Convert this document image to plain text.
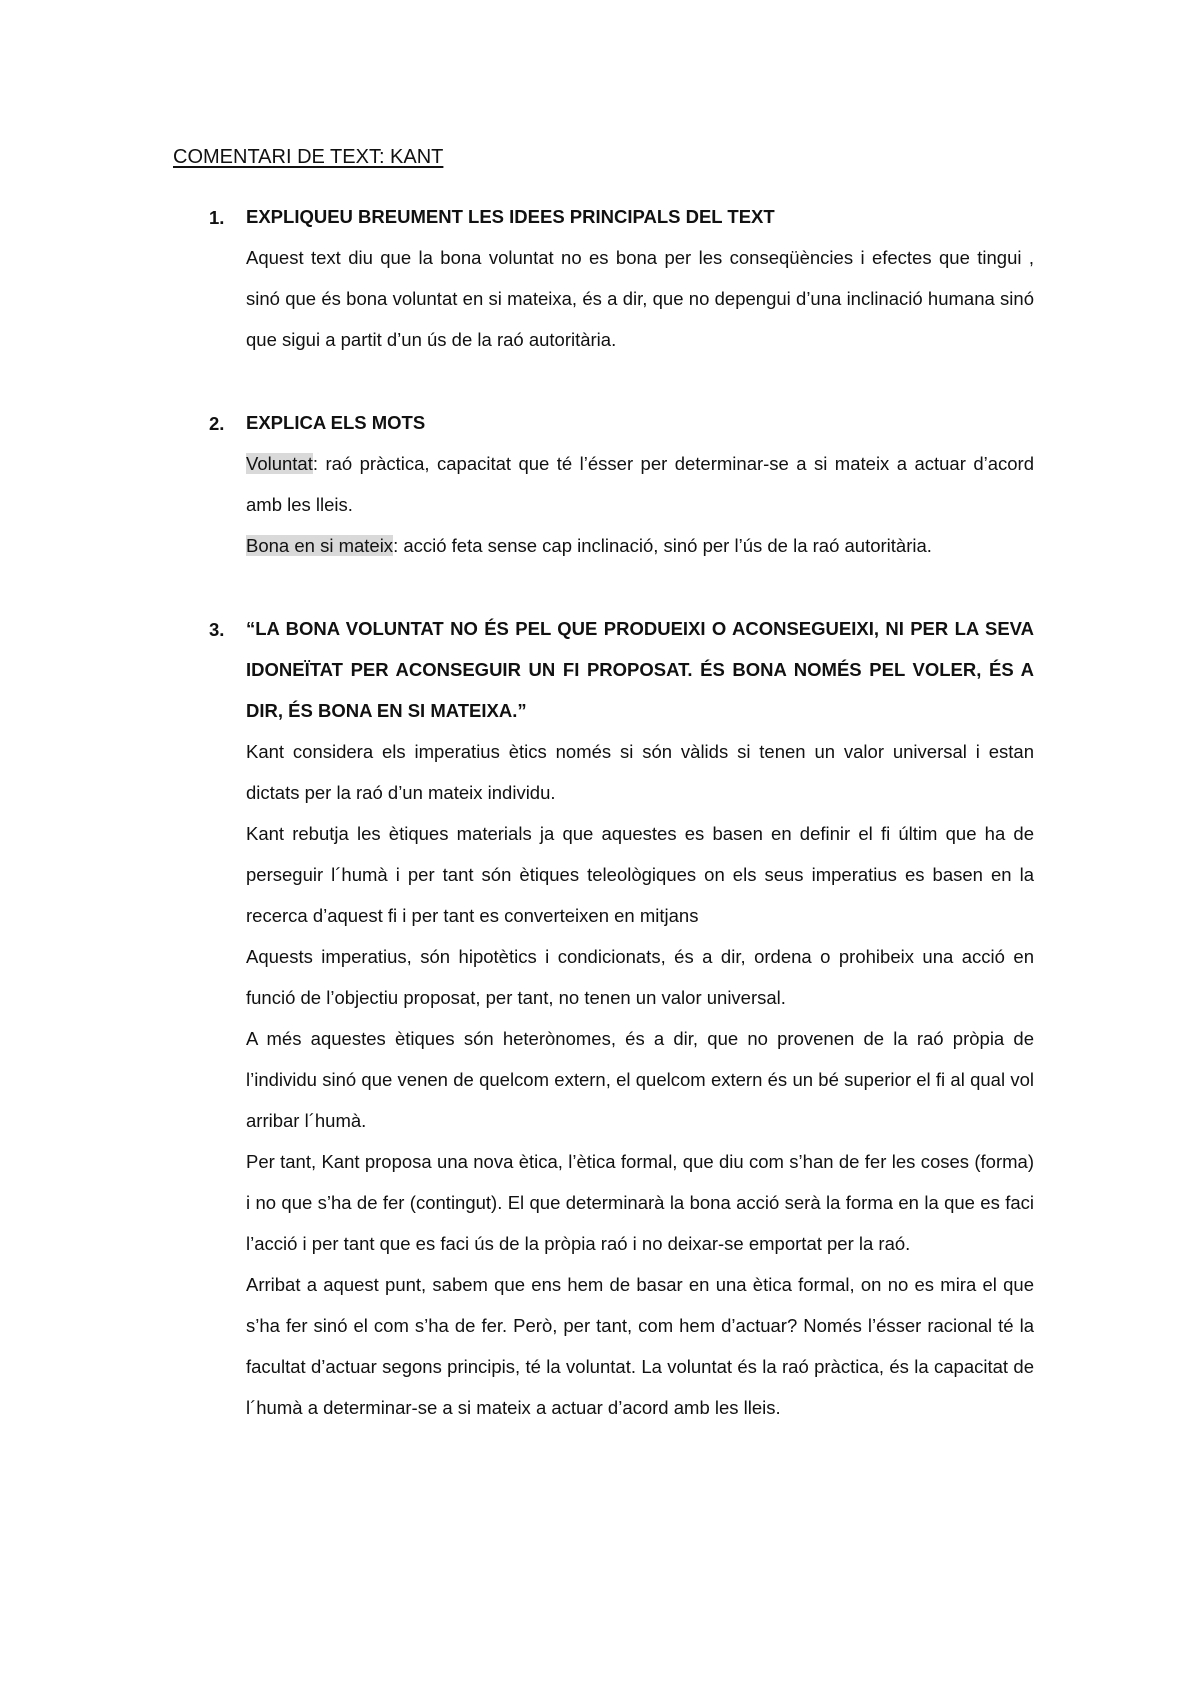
COMENTARI DE TEXT: KANT
1. EXPLIQUEU BREUMENT LES IDEES PRINCIPALS DEL TEXT

Aquest text diu que la bona voluntat no es bona per les conseqüències i efectes que tingui , sinó que és bona voluntat en si mateixa, és a dir, que no depengui d’una inclinació humana sinó que sigui a partit d’un ús de la raó autoritària.

2. EXPLICA ELS MOTS

Voluntat: raó pràctica, capacitat que té l’ésser per determinar-se a si mateix a actuar d’acord amb les lleis.

Bona en si mateix: acció feta sense cap inclinació, sinó per l’ús de la raó autoritària.

3. “LA BONA VOLUNTAT NO ÉS PEL QUE PRODUEIXI O ACONSEGUEIXI, NI PER LA SEVA IDONEÏTAT PER ACONSEGUIR UN FI PROPOSAT. ÉS BONA NOMÉS PEL VOLER, ÉS A DIR, ÉS BONA EN SI MATEIXA.”

Kant considera els imperatius ètics només si són vàlids si tenen un valor universal i estan dictats per la raó d’un mateix individu.

Kant rebutja les ètiques materials ja que aquestes es basen en definir el fi últim que ha de perseguir l´humà i per tant són ètiques teleològiques on els seus imperatius es basen en la recerca d’aquest fi i per tant es converteixen en mitjans

Aquests imperatius, són hipotètics i condicionats, és a dir, ordena o prohibeix una acció en funció de l’objectiu proposat, per tant, no tenen un valor universal.

A més aquestes ètiques són heterònomes, és a dir, que no provenen de la raó pròpia de l’individu sinó que venen de quelcom extern, el quelcom extern és un bé superior el fi al qual vol arribar l´humà.

Per tant, Kant proposa una nova ètica, l’ètica formal, que diu com s’han de fer les coses (forma) i no que s’ha de fer (contingut). El que determinarà la bona acció serà la forma en la que es faci l’acció i per tant que es faci ús de la pròpia raó i no deixar-se emportat per la raó.

Arribat a aquest punt, sabem que ens hem de basar en una ètica formal, on no es mira el que s’ha fer sinó el com s’ha de fer. Però, per tant, com hem d’actuar? Només l’ésser racional té la facultat d’actuar segons principis, té la voluntat. La voluntat és la raó pràctica, és la capacitat de l´humà a determinar-se a si mateix a actuar d’acord amb les lleis.
